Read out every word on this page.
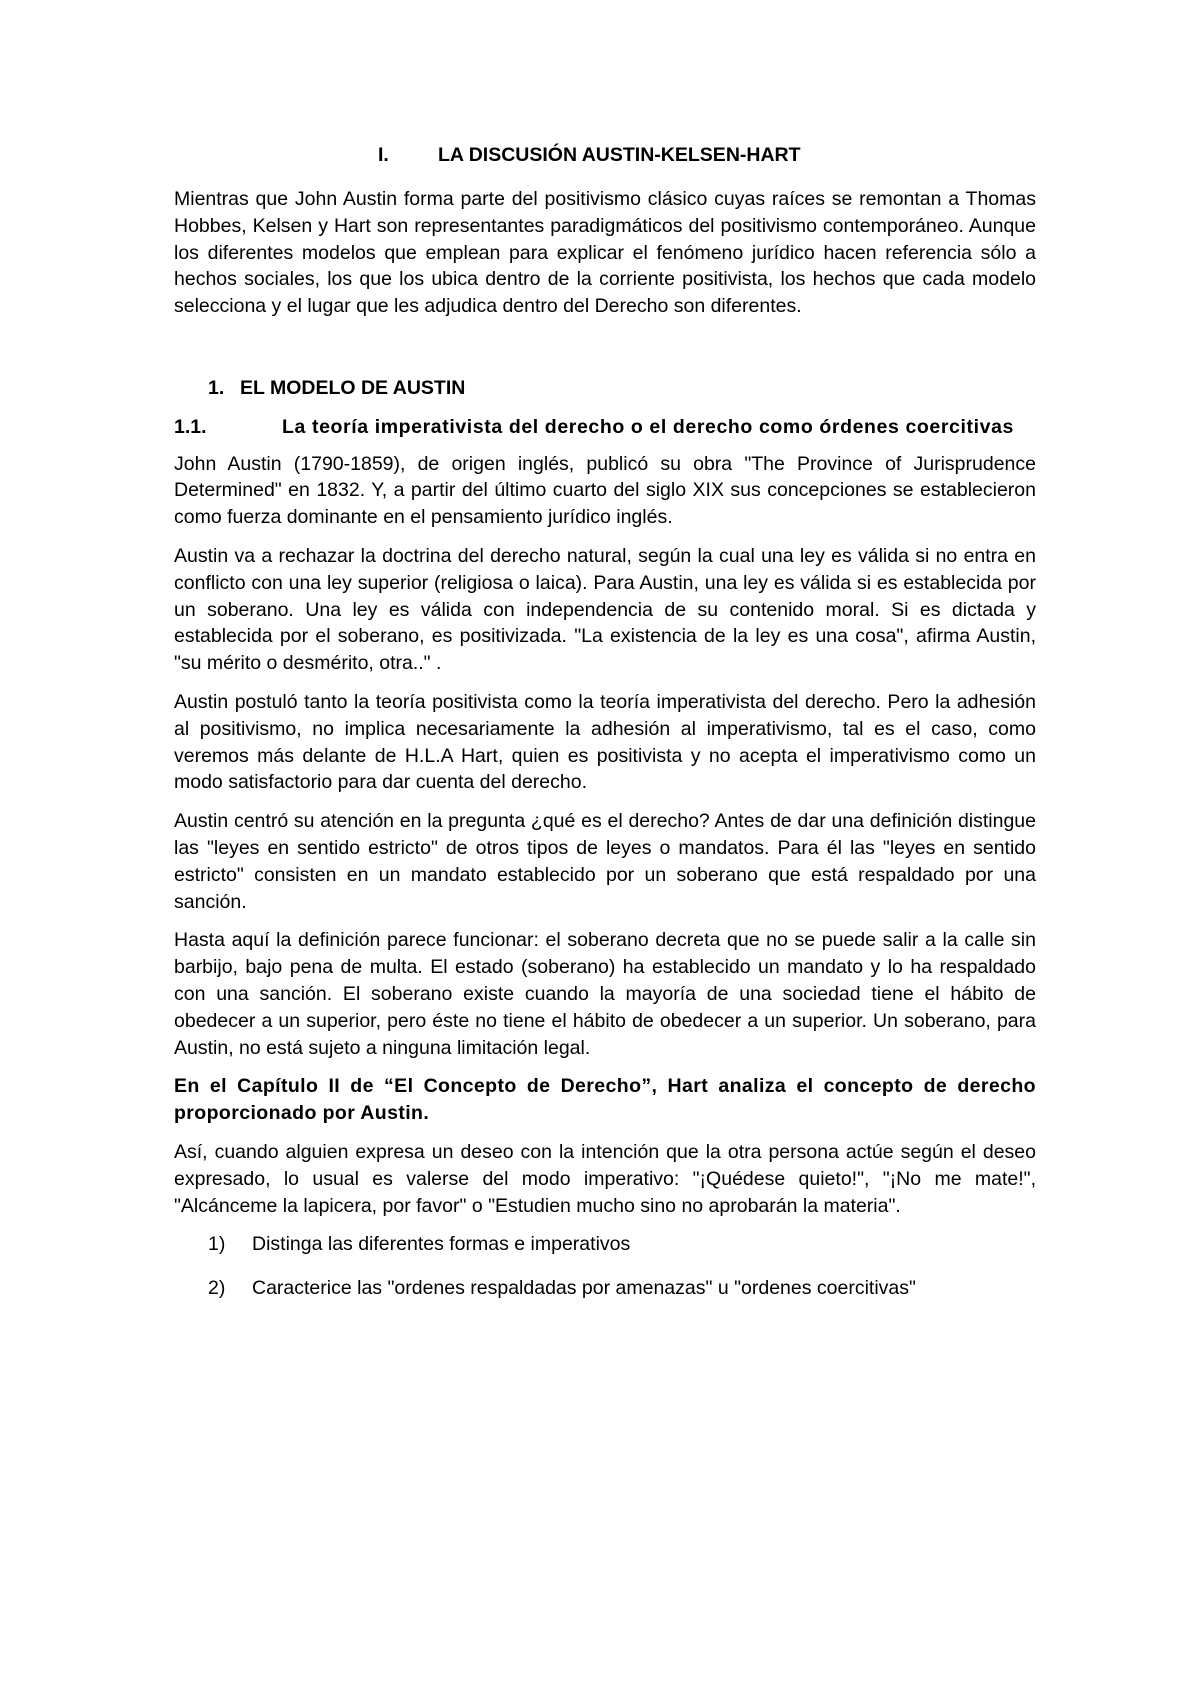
I.	LA DISCUSIÓN AUSTIN-KELSEN-HART

Mientras que John Austin forma parte del positivismo clásico cuyas raíces se remontan a Thomas Hobbes, Kelsen y Hart son representantes paradigmáticos del positivismo contemporáneo. Aunque los diferentes modelos que emplean para explicar el fenómeno jurídico hacen referencia sólo a hechos sociales, los que los ubica dentro de la corriente positivista, los hechos que cada modelo selecciona y el lugar que les adjudica dentro del Derecho son diferentes.

1. EL MODELO DE AUSTIN
1.1.	La teoría imperativista del derecho o el derecho como órdenes coercitivas

John Austin (1790-1859), de origen inglés, publicó su obra "The Province of Jurisprudence Determined" en 1832. Y, a partir del último cuarto del siglo XIX sus concepciones se establecieron como fuerza dominante en el pensamiento jurídico inglés.

Austin va a rechazar la doctrina del derecho natural, según la cual una ley es válida si no entra en conflicto con una ley superior (religiosa o laica). Para Austin, una ley es válida si es establecida por un soberano. Una ley es válida con independencia de su contenido moral. Si es dictada y establecida por el soberano, es positivizada. "La existencia de la ley es una cosa", afirma Austin, "su mérito o desmérito, otra.." .

Austin postuló tanto la teoría positivista como la teoría imperativista del derecho. Pero la adhesión al positivismo, no implica necesariamente la adhesión al imperativismo, tal es el caso, como veremos más delante de H.L.A Hart, quien es positivista y no acepta el imperativismo como un modo satisfactorio para dar cuenta del derecho.

Austin centró su atención en la pregunta ¿qué es el derecho? Antes de dar una definición distingue las "leyes en sentido estricto" de otros tipos de leyes o mandatos. Para él las "leyes en sentido estricto" consisten en un mandato establecido por un soberano que está respaldado por una sanción.

Hasta aquí la definición parece funcionar: el soberano decreta que no se puede salir a la calle sin barbijo, bajo pena de multa. El estado (soberano) ha establecido un mandato y lo ha respaldado con una sanción. El soberano existe cuando la mayoría de una sociedad tiene el hábito de obedecer a un superior, pero éste no tiene el hábito de obedecer a un superior. Un soberano, para Austin, no está sujeto a ninguna limitación legal.

En el Capítulo II de “El Concepto de Derecho”, Hart analiza el concepto de derecho proporcionado por Austin.

Así, cuando alguien expresa un deseo con la intención que la otra persona actúe según el deseo expresado, lo usual es valerse del modo imperativo: "¡Quédese quieto!", "¡No me mate!", "Alcánceme la lapicera, por favor" o "Estudien mucho sino no aprobarán la materia".

1)	Distinga las diferentes formas e imperativos
2)	Caracterice las "ordenes respaldadas por amenazas" u "ordenes coercitivas"
